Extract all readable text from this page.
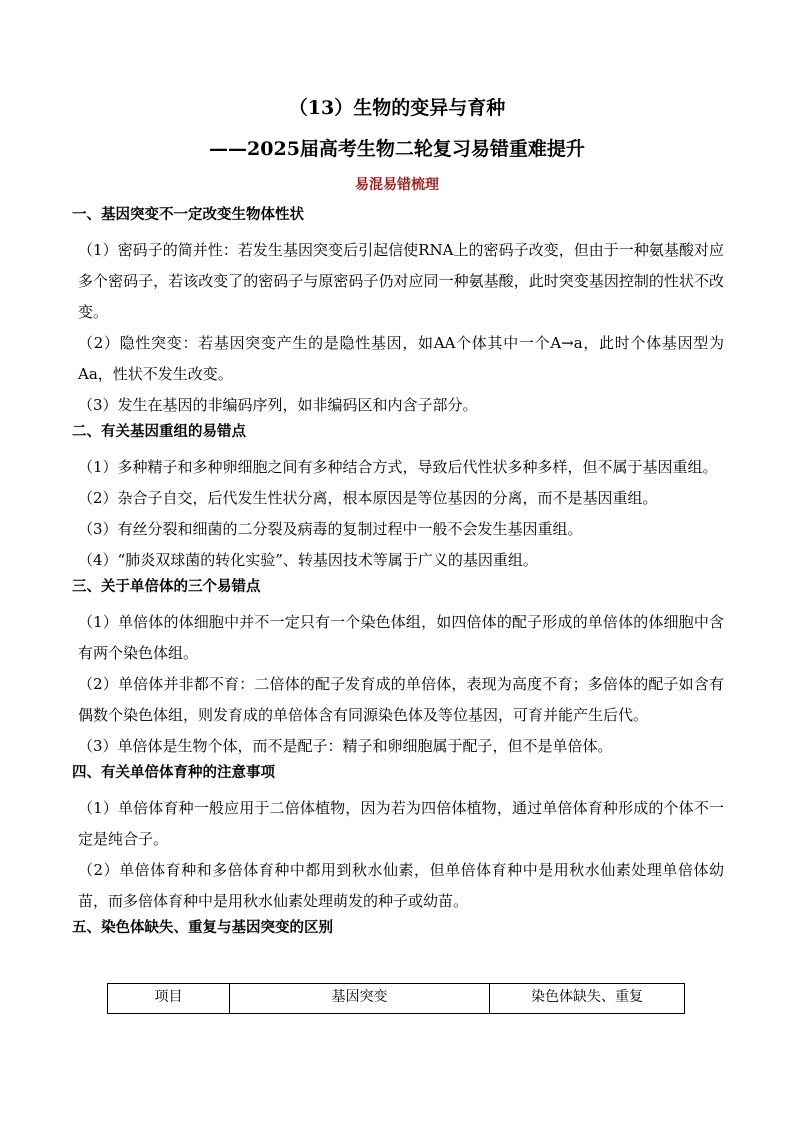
（13）生物的变异与育种
——2025届高考生物二轮复习易错重难提升
易混易错梳理
一、基因突变不一定改变生物体性状
（1）密码子的简并性：若发生基因突变后引起信使RNA上的密码子改变，但由于一种氨基酸对应多个密码子，若该改变了的密码子与原密码子仍对应同一种氨基酸，此时突变基因控制的性状不改变。
（2）隐性突变：若基因突变产生的是隐性基因，如AA个体其中一个A→a，此时个体基因型为Aa，性状不发生改变。
（3）发生在基因的非编码序列，如非编码区和内含子部分。
二、有关基因重组的易错点
（1）多种精子和多种卵细胞之间有多种结合方式，导致后代性状多种多样，但不属于基因重组。
（2）杂合子自交，后代发生性状分离，根本原因是等位基因的分离，而不是基因重组。
（3）有丝分裂和细菌的二分裂及病毒的复制过程中一般不会发生基因重组。
（4）“肺炎双球菌的转化实验”、转基因技术等属于广义的基因重组。
三、关于单倍体的三个易错点
（1）单倍体的体细胞中并不一定只有一个染色体组，如四倍体的配子形成的单倍体的体细胞中含有两个染色体组。
（2）单倍体并非都不育：二倍体的配子发育成的单倍体，表现为高度不育；多倍体的配子如含有偶数个染色体组，则发育成的单倍体含有同源染色体及等位基因，可育并能产生后代。
（3）单倍体是生物个体，而不是配子：精子和卵细胞属于配子，但不是单倍体。
四、有关单倍体育种的注意事项
（1）单倍体育种一般应用于二倍体植物，因为若为四倍体植物，通过单倍体育种形成的个体不一定是纯合子。
（2）单倍体育种和多倍体育种中都用到秋水仙素，但单倍体育种中是用秋水仙素处理单倍体幼苗，而多倍体育种中是用秋水仙素处理萌发的种子或幼苗。
五、染色体缺失、重复与基因突变的区别
项目	基因突变	染色体缺失、重复
